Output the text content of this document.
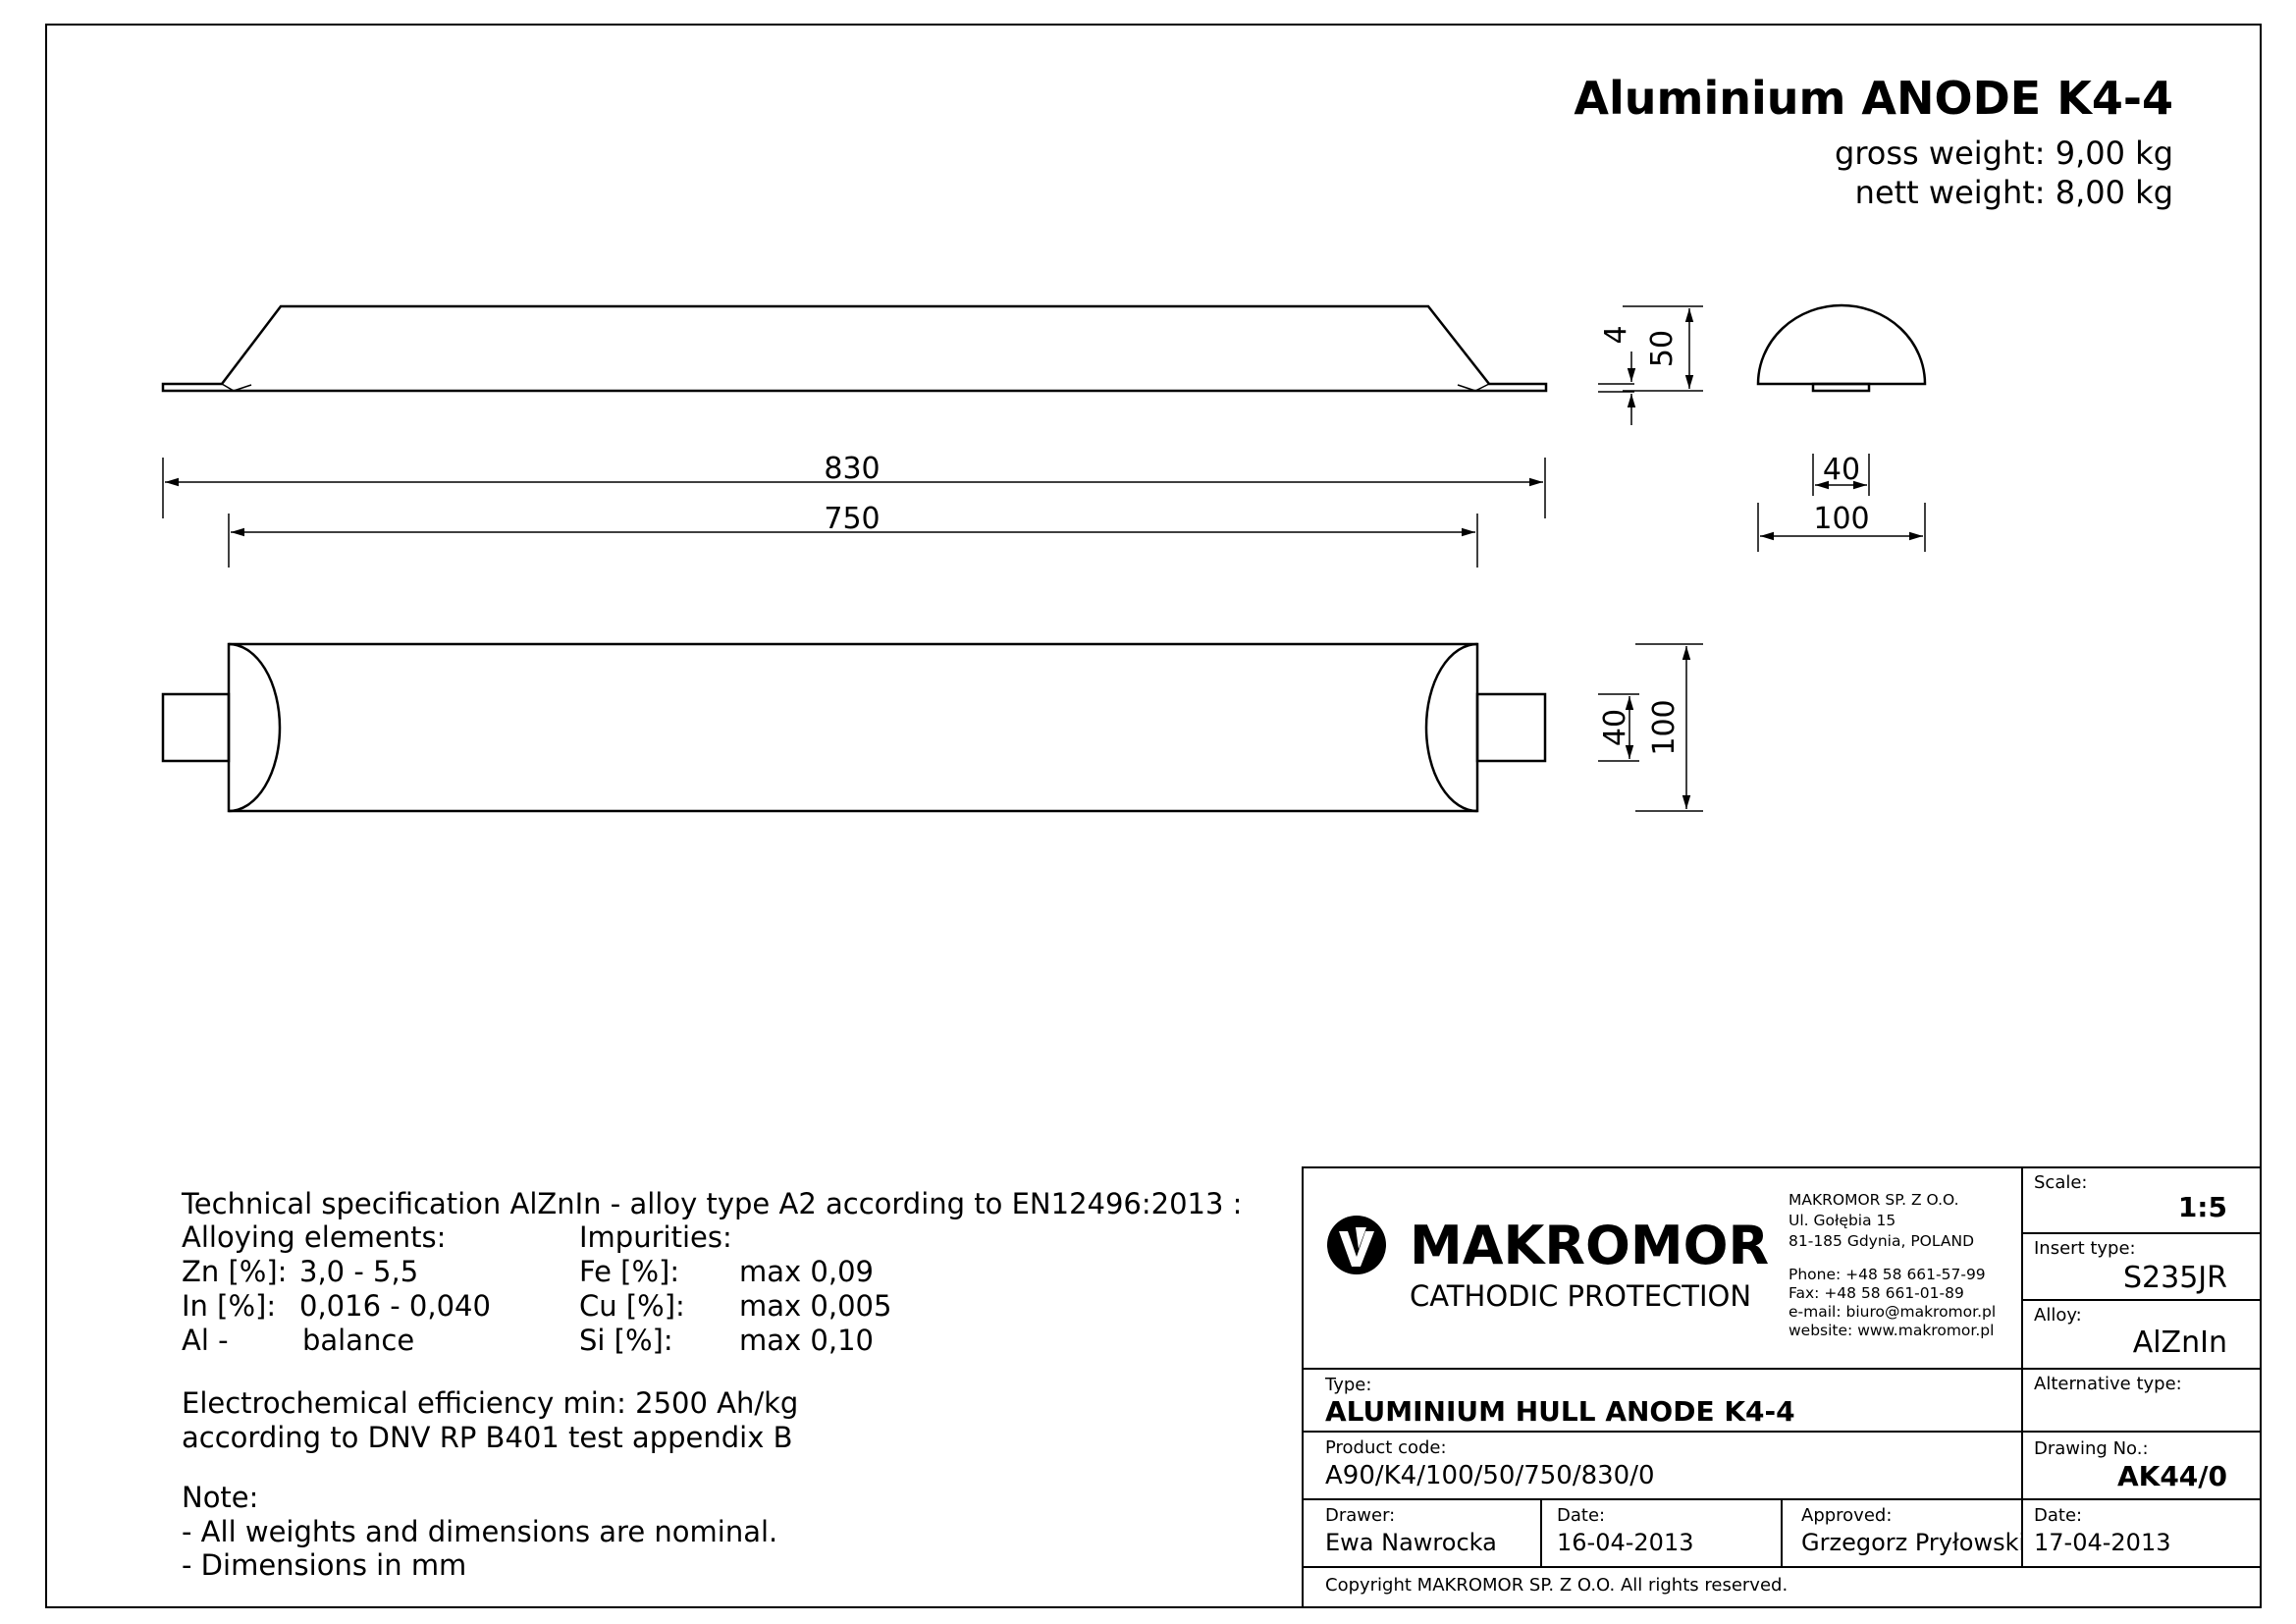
830
750
4 50
40
100
40 100
Aluminium ANODE K4-4
gross weight: 9,00 kg
nett weight: 8,00 kg
Technical specification AlZnIn - alloy type A2 according to EN12496:2013 :
Alloying elements:	Impurities:
Zn [%]: 3,0 - 5,5
In [%]: 0,016 - 0,040
Al -	balance
Fe [%]: max 0,09
Cu [%]: max 0,005
Si [%]: max 0,10
Electrochemical efficiency min: 2500 Ah/kg
according to DNV RP B401 test appendix B
Note:
- All weights and dimensions are nominal.
- Dimensions in mm
MAKROMOR
CATHODIC PROTECTION
MAKROMOR SP. Z O.O.
Ul. Gołębia 15
81-185 Gdynia, POLAND
Phone: +48 58 661-57-99
Fax: +48 58 661-01-89
e-mail: biuro@makromor.pl
website: www.makromor.pl
Scale:
1:5
Insert type:
S235JR
Alloy:
AlZnIn
Alternative type:
Type:
ALUMINIUM HULL ANODE K4-4
Product code:
A90/K4/100/50/750/830/0
Drawing No.:
AK44/0
Drawer:
Ewa Nawrocka
Date:
16-04-2013
Approved:
Grzegorz Pryłowski
Date:
17-04-2013
Copyright MAKROMOR SP. Z O.O. All rights reserved.
